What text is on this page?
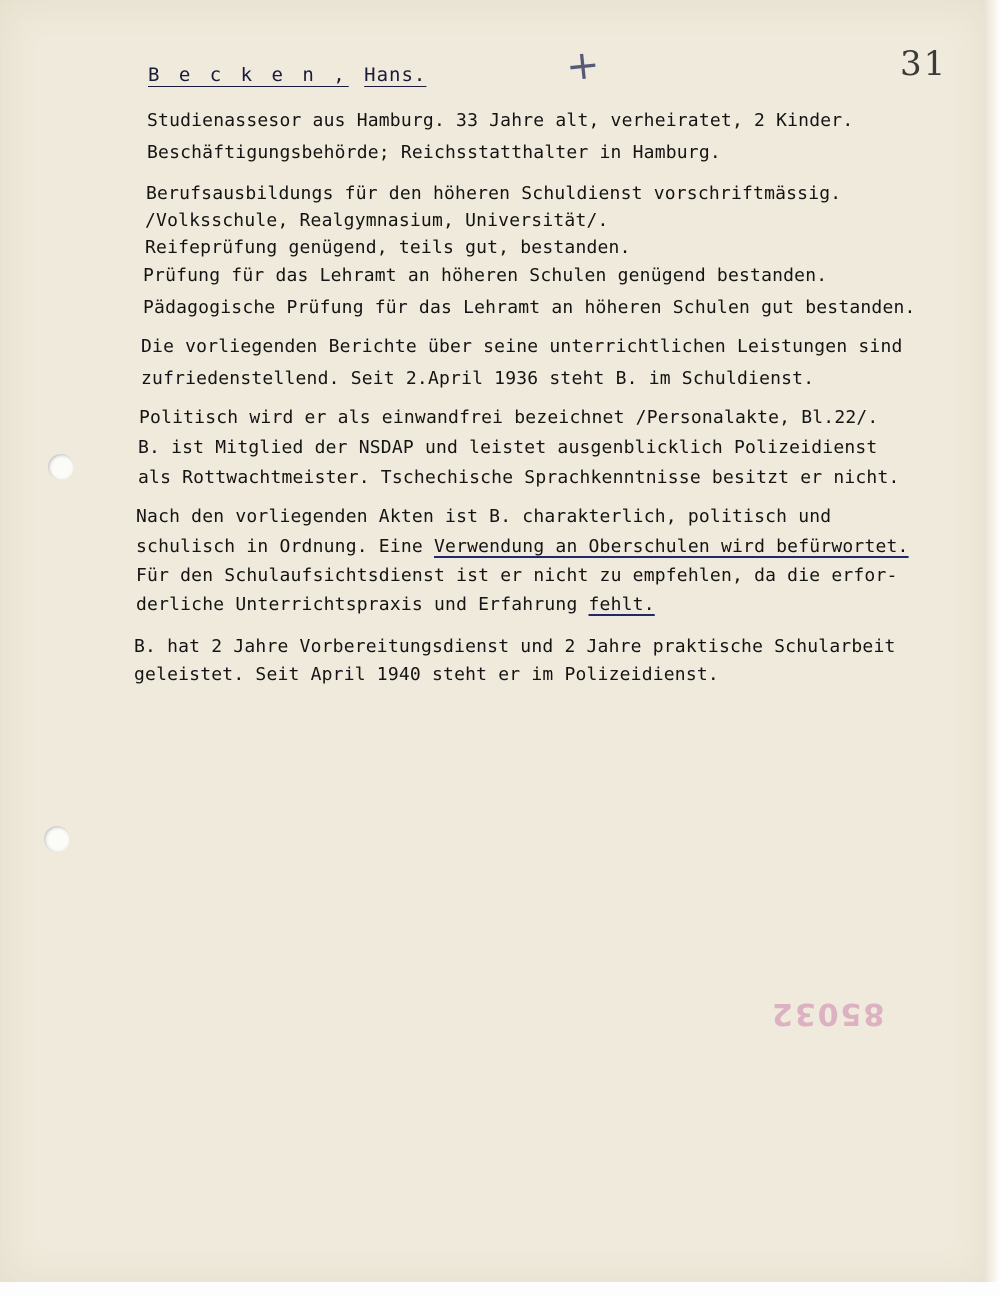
+	31
B e c k e n , Hans.
Studienassesor aus Hamburg. 33 Jahre alt, verheiratet, 2 Kinder.
Beschäftigungsbehörde; Reichsstatthalter in Hamburg.
Berufsausbildungs für den höheren Schuldienst vorschriftmässig.
/Volksschule, Realgymnasium, Universität/.
Reifeprüfung genügend, teils gut, bestanden.
Prüfung für das Lehramt an höheren Schulen genügend bestanden.
Pädagogische Prüfung für das Lehramt an höheren Schulen gut bestanden.
Die vorliegenden Berichte über seine unterrichtlichen Leistungen sind
zufriedenstellend. Seit 2.April 1936 steht B. im Schuldienst.
Politisch wird er als einwandfrei bezeichnet /Personalakte, Bl.22/.
B. ist Mitglied der NSDAP und leistet ausgenblicklich Polizeidienst
als Rottwachtmeister. Tschechische Sprachkenntnisse besitzt er nicht.
Nach den vorliegenden Akten ist B. charakterlich, politisch und
schulisch in Ordnung. Eine Verwendung an Oberschulen wird befürwortet.
Für den Schulaufsichtsdienst ist er nicht zu empfehlen, da die erfor-
derliche Unterrichtspraxis und Erfahrung fehlt.
B. hat 2 Jahre Vorbereitungsdienst und 2 Jahre praktische Schularbeit
geleistet. Seit April 1940 steht er im Polizeidienst.
85032
